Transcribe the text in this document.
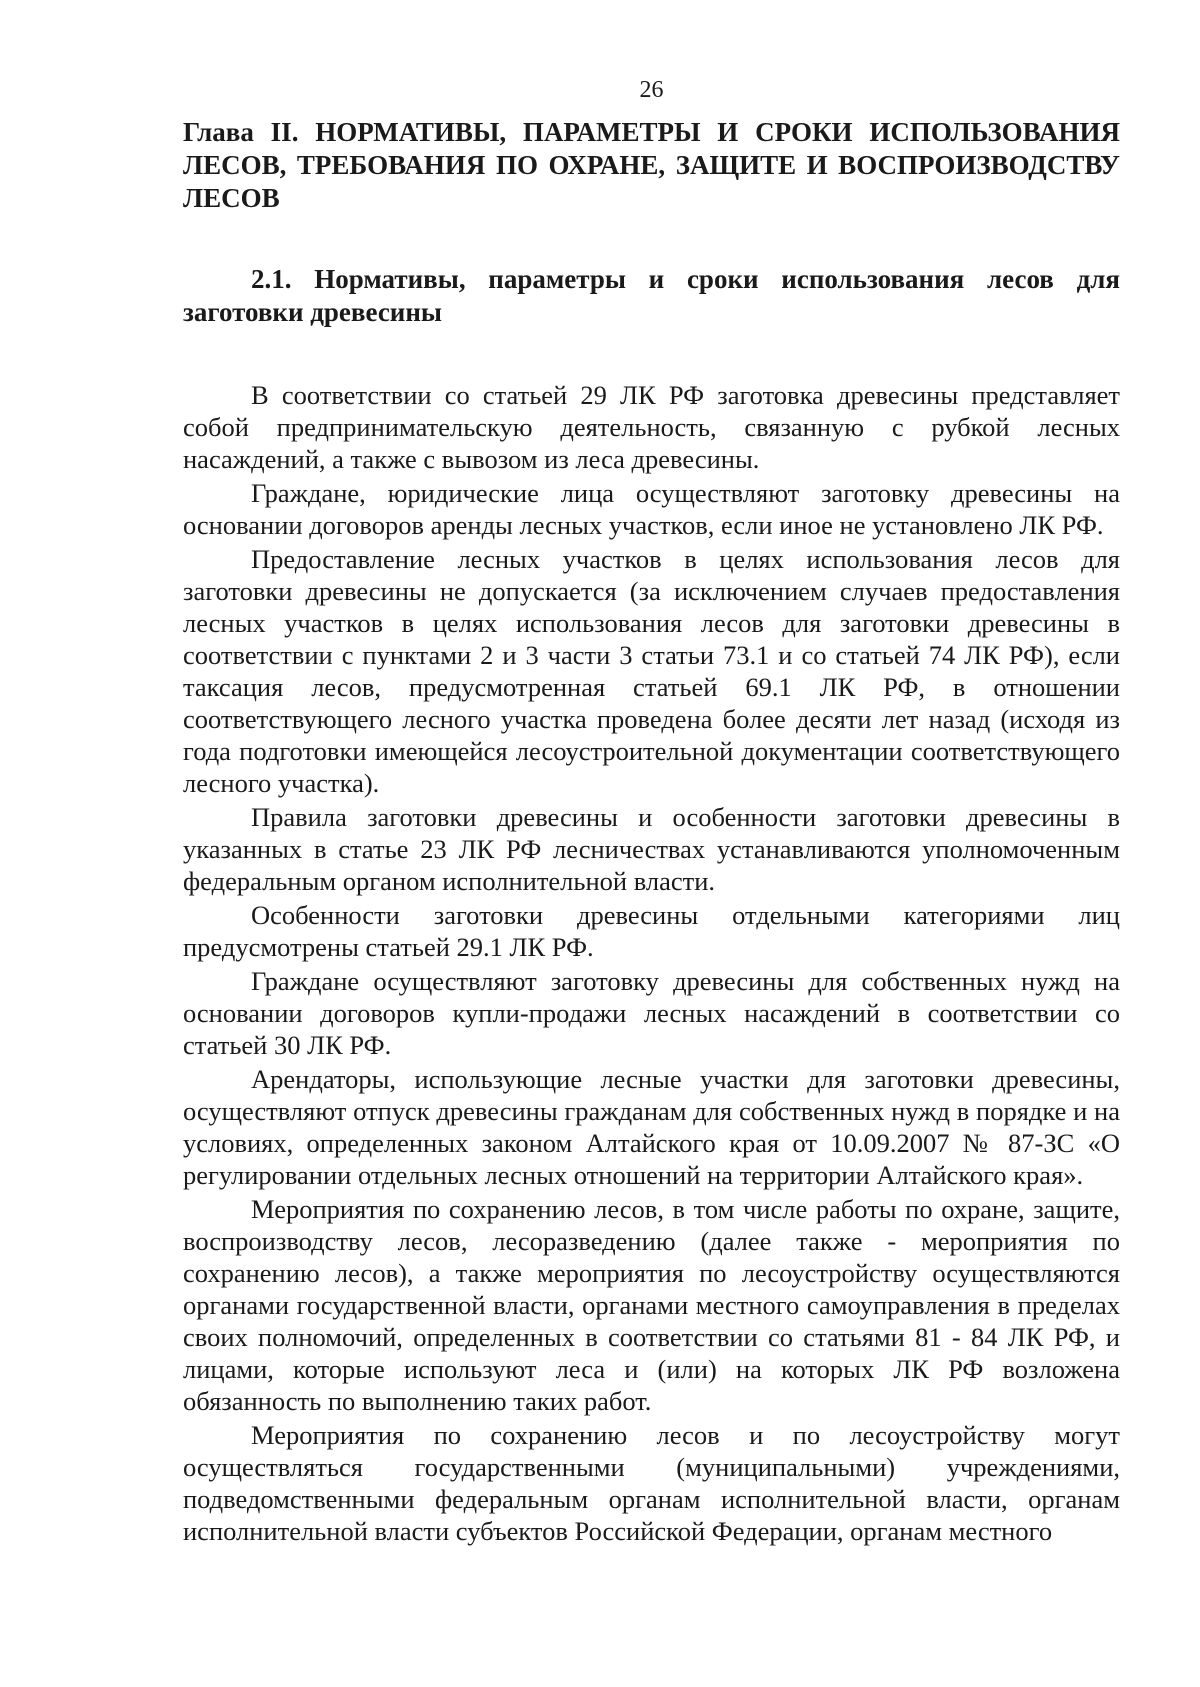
26
Глава II. НОРМАТИВЫ, ПАРАМЕТРЫ И СРОКИ ИСПОЛЬЗОВАНИЯ ЛЕСОВ, ТРЕБОВАНИЯ ПО ОХРАНЕ, ЗАЩИТЕ И ВОСПРОИЗВОДСТВУ ЛЕСОВ
2.1. Нормативы, параметры и сроки использования лесов для заготовки древесины

В соответствии со статьей 29 ЛК РФ заготовка древесины представляет собой предпринимательскую деятельность, связанную с рубкой лесных насаждений, а также с вывозом из леса древесины.

Граждане, юридические лица осуществляют заготовку древесины на основании договоров аренды лесных участков, если иное не установлено ЛК РФ.

Предоставление лесных участков в целях использования лесов для заготовки древесины не допускается (за исключением случаев предоставления лесных участков в целях использования лесов для заготовки древесины в соответствии с пунктами 2 и 3 части 3 статьи 73.1 и со статьей 74 ЛК РФ), если таксация лесов, предусмотренная статьей 69.1 ЛК РФ, в отношении соответствующего лесного участка проведена более десяти лет назад (исходя из года подготовки имеющейся лесоустроительной документации соответствующего лесного участка).

Правила заготовки древесины и особенности заготовки древесины в указанных в статье 23 ЛК РФ лесничествах устанавливаются уполномоченным федеральным органом исполнительной власти.

Особенности заготовки древесины отдельными категориями лиц предусмотрены статьей 29.1 ЛК РФ.

Граждане осуществляют заготовку древесины для собственных нужд на основании договоров купли-продажи лесных насаждений в соответствии со статьей 30 ЛК РФ.

Арендаторы, использующие лесные участки для заготовки древесины, осуществляют отпуск древесины гражданам для собственных нужд в порядке и на условиях, определенных законом Алтайского края от 10.09.2007 № 87-ЗС «О регулировании отдельных лесных отношений на территории Алтайского края».

Мероприятия по сохранению лесов, в том числе работы по охране, защите, воспроизводству лесов, лесоразведению (далее также - мероприятия по сохранению лесов), а также мероприятия по лесоустройству осуществляются органами государственной власти, органами местного самоуправления в пределах своих полномочий, определенных в соответствии со статьями 81 - 84 ЛК РФ, и лицами, которые используют леса и (или) на которых ЛК РФ возложена обязанность по выполнению таких работ.

Мероприятия по сохранению лесов и по лесоустройству могут осуществляться государственными (муниципальными) учреждениями, подведомственными федеральным органам исполнительной власти, органам исполнительной власти субъектов Российской Федерации, органам местного
